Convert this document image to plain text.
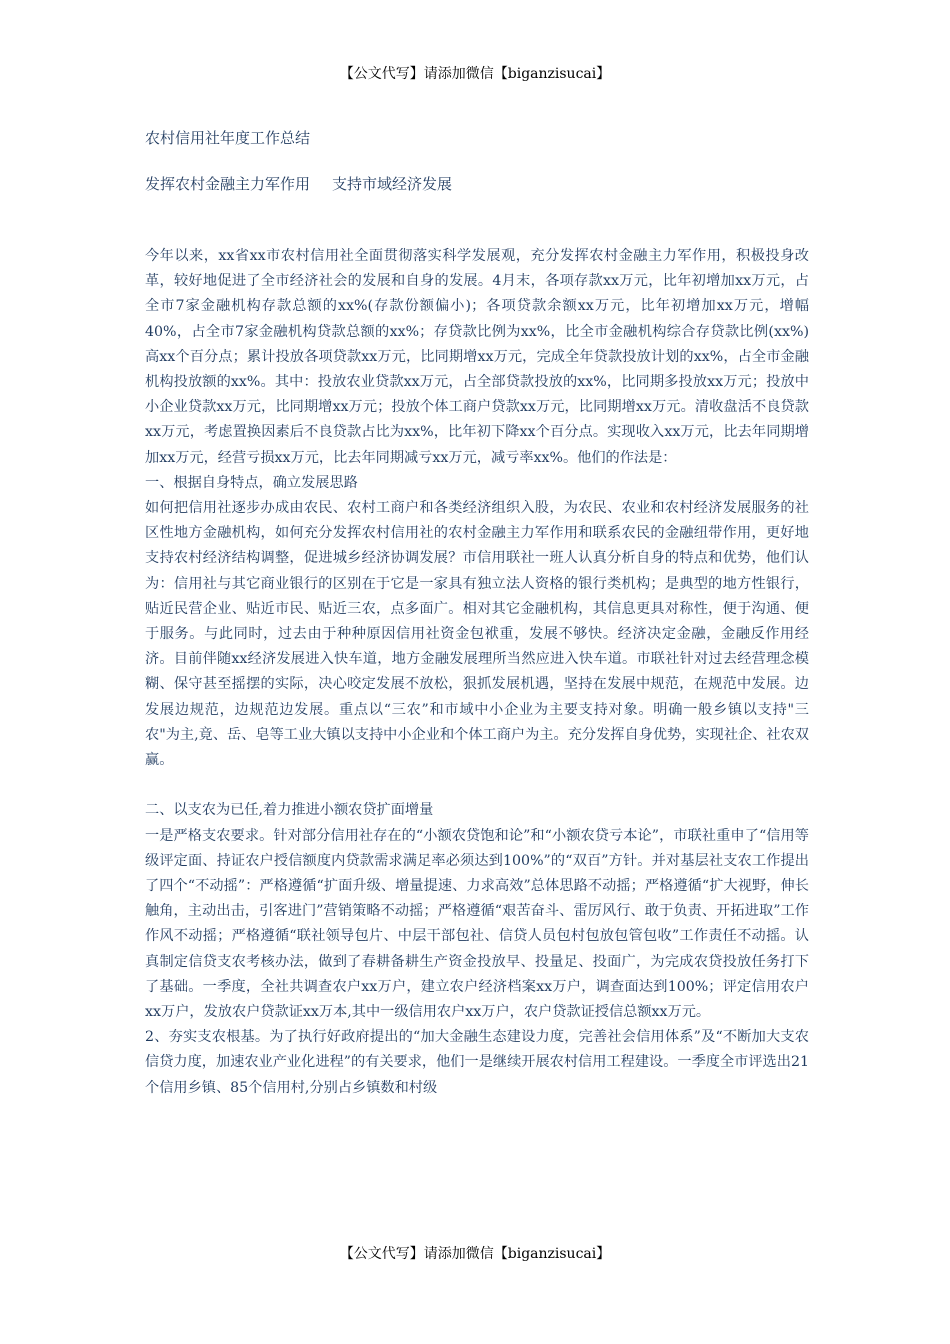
【公文代写】请添加微信【biganzisucai】
农村信用社年度工作总结
发挥农村金融主力军作用 支持市域经济发展

今年以来，xx省xx市农村信用社全面贯彻落实科学发展观，充分发挥农村金融主力军作用，积极投身改革，较好地促进了全市经济社会的发展和自身的发展。4月末，各项存款xx万元，比年初增加xx万元，占全市7家金融机构存款总额的xx%(存款份额偏小)；各项贷款余额xx万元，比年初增加xx万元，增幅40%，占全市7家金融机构贷款总额的xx%；存贷款比例为xx%，比全市金融机构综合存贷款比例(xx%)高xx个百分点；累计投放各项贷款xx万元，比同期增xx万元，完成全年贷款投放计划的xx%，占全市金融机构投放额的xx%。其中：投放农业贷款xx万元，占全部贷款投放的xx%，比同期多投放xx万元；投放中小企业贷款xx万元，比同期增xx万元；投放个体工商户贷款xx万元，比同期增xx万元。清收盘活不良贷款xx万元，考虑置换因素后不良贷款占比为xx%，比年初下降xx个百分点。实现收入xx万元，比去年同期增加xx万元，经营亏损xx万元，比去年同期减亏xx万元，减亏率xx%。他们的作法是：

一、根据自身特点，确立发展思路

如何把信用社逐步办成由农民、农村工商户和各类经济组织入股，为农民、农业和农村经济发展服务的社区性地方金融机构，如何充分发挥农村信用社的农村金融主力军作用和联系农民的金融纽带作用，更好地支持农村经济结构调整，促进城乡经济协调发展？市信用联社一班人认真分析自身的特点和优势，他们认为：信用社与其它商业银行的区别在于它是一家具有独立法人资格的银行类机构；是典型的地方性银行，贴近民营企业、贴近市民、贴近三农，点多面广。相对其它金融机构，其信息更具对称性，便于沟通、便于服务。与此同时，过去由于种种原因信用社资金包袱重，发展不够快。经济决定金融，金融反作用经济。目前伴随xx经济发展进入快车道，地方金融发展理所当然应进入快车道。市联社针对过去经营理念模糊、保守甚至摇摆的实际，决心咬定发展不放松，狠抓发展机遇，坚持在发展中规范，在规范中发展。边发展边规范，边规范边发展。重点以“三农”和市域中小企业为主要支持对象。明确一般乡镇以支持"三农"为主,竟、岳、皂等工业大镇以支持中小企业和个体工商户为主。充分发挥自身优势，实现社企、社农双赢。

二、以支农为已任,着力推进小额农贷扩面增量

一是严格支农要求。针对部分信用社存在的“小额农贷饱和论”和“小额农贷亏本论”，市联社重申了“信用等级评定面、持证农户授信额度内贷款需求满足率必须达到100%”的“双百”方针。并对基层社支农工作提出了四个“不动摇”：严格遵循“扩面升级、增量提速、力求高效”总体思路不动摇；严格遵循“扩大视野，伸长触角，主动出击，引客进门”营销策略不动摇；严格遵循“艰苦奋斗、雷厉风行、敢于负责、开拓进取”工作作风不动摇；严格遵循“联社领导包片、中层干部包社、信贷人员包村包放包管包收”工作责任不动摇。认真制定信贷支农考核办法，做到了春耕备耕生产资金投放早、投量足、投面广，为完成农贷投放任务打下了基础。一季度，全社共调查农户xx万户，建立农户经济档案xx万户，调查面达到100%；评定信用农户xx万户，发放农户贷款证xx万本,其中一级信用农户xx万户，农户贷款证授信总额xx万元。

2、夯实支农根基。为了执行好政府提出的“加大金融生态建设力度，完善社会信用体系”及“不断加大支农信贷力度，加速农业产业化进程”的有关要求，他们一是继续开展农村信用工程建设。一季度全市评选出21个信用乡镇、85个信用村,分别占乡镇数和村级

【公文代写】请添加微信【biganzisucai】
